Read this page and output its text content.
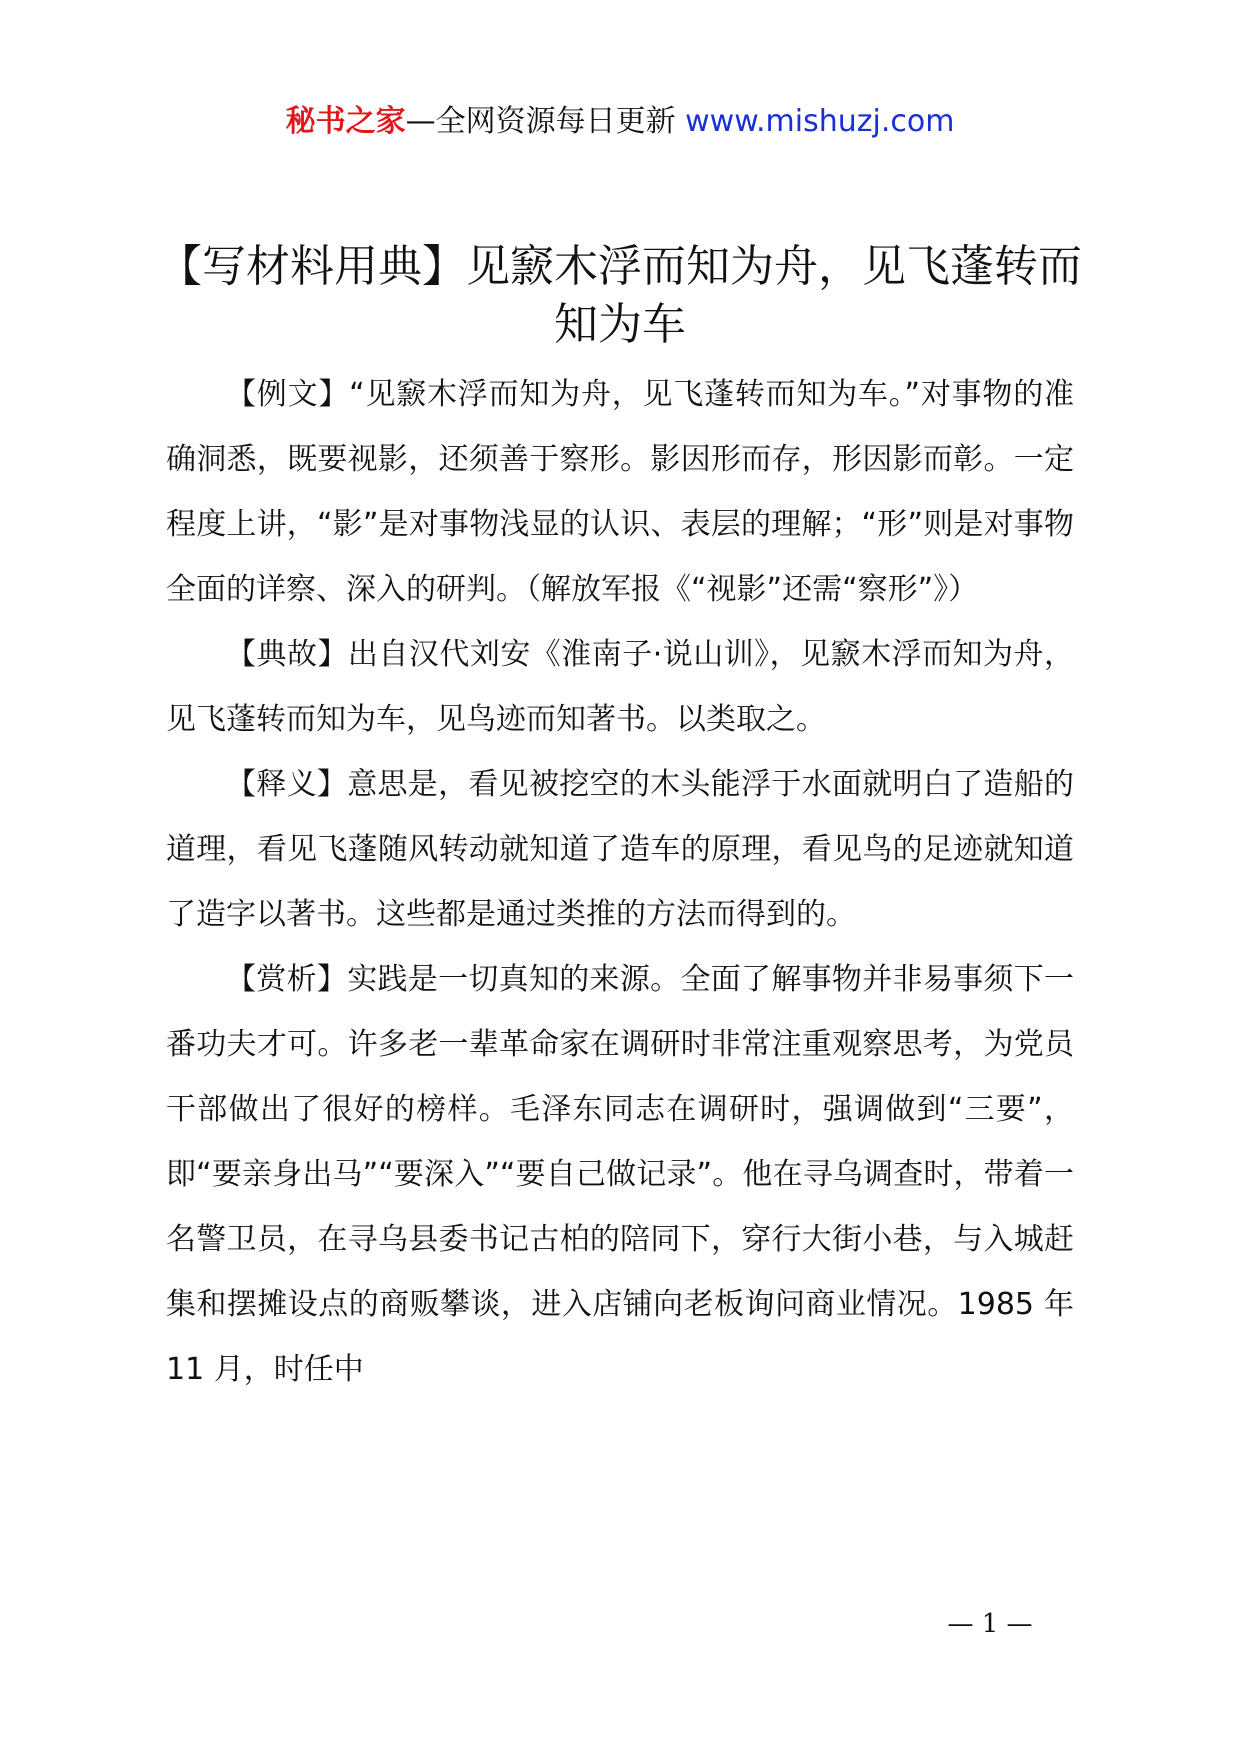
秘书之家—全网资源每日更新 www.mishuzj.com
【写材料用典】见窾木浮而知为舟，见飞蓬转而知为车

【例文】“见窾木浮而知为舟，见飞蓬转而知为车。”对事物的准确洞悉，既要视影，还须善于察形。影因形而存，形因影而彰。一定程度上讲，“影”是对事物浅显的认识、表层的理解；“形”则是对事物全面的详察、深入的研判。（解放军报《“视影”还需“察形”》）

【典故】出自汉代刘安《淮南子·说山训》，见窾木浮而知为舟，见飞蓬转而知为车，见鸟迹而知著书。以类取之。

【释义】意思是，看见被挖空的木头能浮于水面就明白了造船的道理，看见飞蓬随风转动就知道了造车的原理，看见鸟的足迹就知道了造字以著书。这些都是通过类推的方法而得到的。

【赏析】实践是一切真知的来源。全面了解事物并非易事须下一番功夫才可。许多老一辈革命家在调研时非常注重观察思考，为党员干部做出了很好的榜样。毛泽东同志在调研时，强调做到“三要”，即“要亲身出马”“要深入”“要自己做记录”。他在寻乌调查时，带着一名警卫员，在寻乌县委书记古柏的陪同下，穿行大街小巷，与入城赶集和摆摊设点的商贩攀谈，进入店铺向老板询问商业情况。1985 年 11 月，时任中

— 1 —
